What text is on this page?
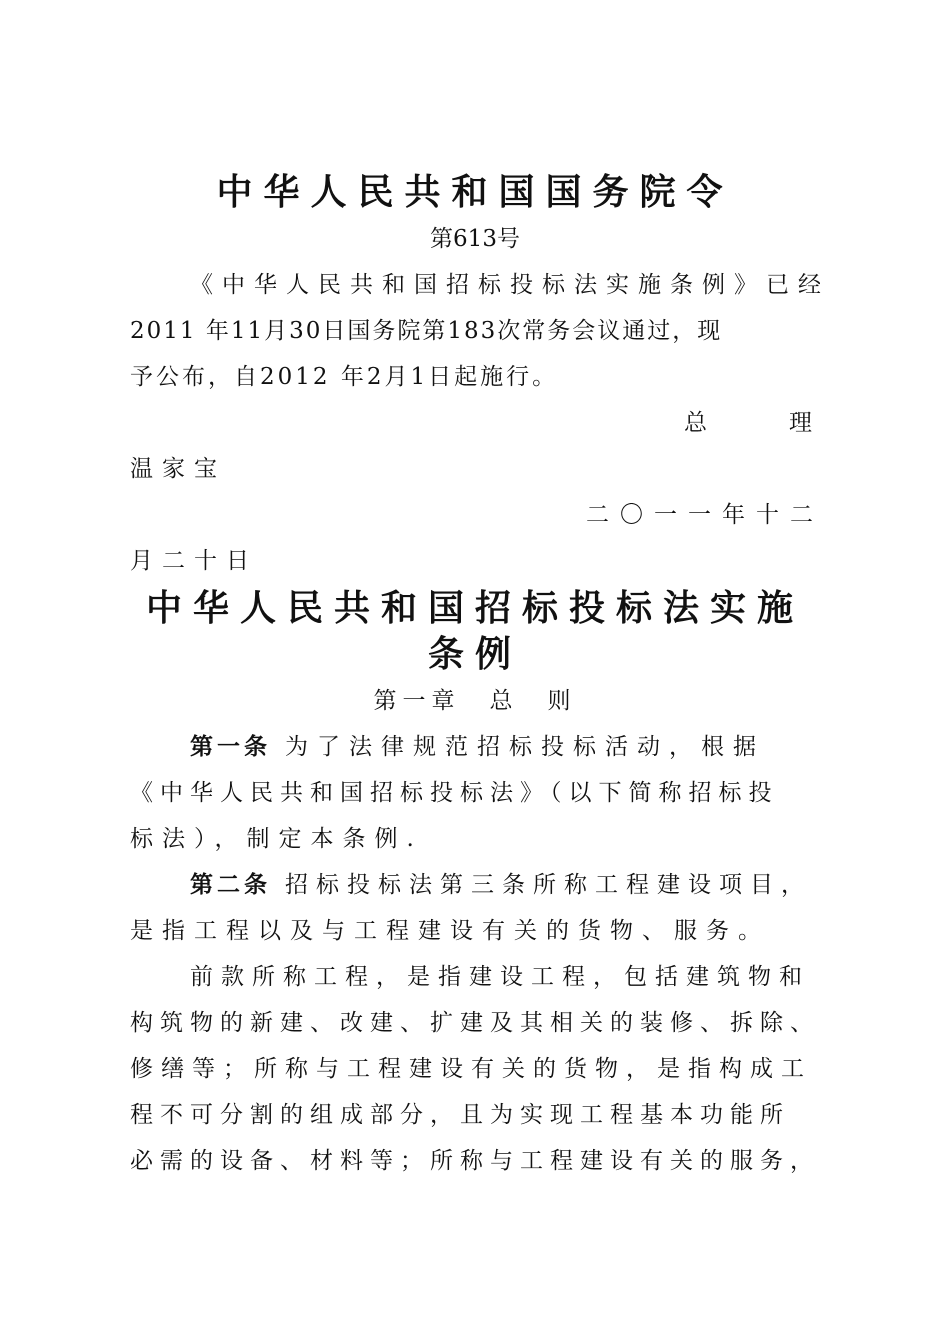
中华人民共和国国务院令
第613号
《中华人民共和国招标投标法实施条例》已经
2011 年11月30日国务院第183次常务会议通过，现
予公布，自2012 年2月1日起施行。
总　　理
温家宝
二〇一一年十二
月二十日
中华人民共和国招标投标法实施
条例
第一章　总　则
第一条 为了法律规范招标投标活动，根据
《中华人民共和国招标投标法》（以下简称招标投
标法），制定本条例.
第二条 招标投标法第三条所称工程建设项目，
是指工程以及与工程建设有关的货物、服务。
前款所称工程，是指建设工程，包括建筑物和
构筑物的新建、改建、扩建及其相关的装修、拆除、
修缮等；所称与工程建设有关的货物，是指构成工
程不可分割的组成部分，且为实现工程基本功能所
必需的设备、材料等；所称与工程建设有关的服务，
